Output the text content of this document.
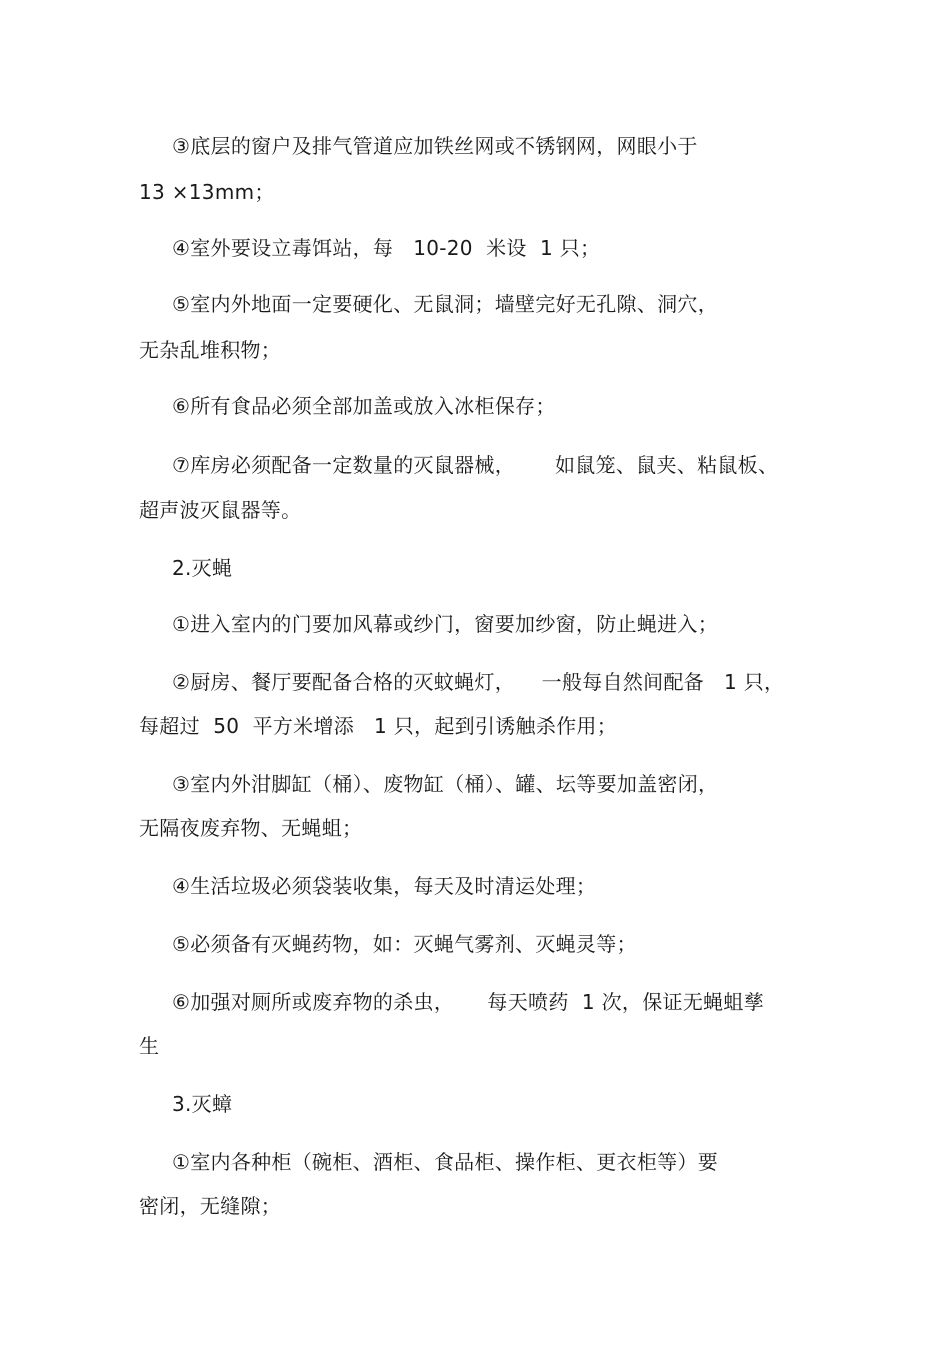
③底层的窗户及排气管道应加铁丝网或不锈钢网，网眼小于
13 ×13mm；
④室外要设立毒饵站，每   10-20  米设  1 只；
⑤室内外地面一定要硬化、无鼠洞；墙壁完好无孔隙、洞穴，
无杂乱堆积物；
⑥所有食品必须全部加盖或放入冰柜保存；
⑦库房必须配备一定数量的灭鼠器械，      如鼠笼、鼠夹、粘鼠板、
超声波灭鼠器等。
2.灭蝇
①进入室内的门要加风幕或纱门，窗要加纱窗，防止蝇进入；
②厨房、餐厅要配备合格的灭蚊蝇灯，    一般每自然间配备   1 只，
每超过  50  平方米增添   1 只，起到引诱触杀作用；
③室内外泔脚缸（桶）、废物缸（桶）、罐、坛等要加盖密闭，
无隔夜废弃物、无蝇蛆；
④生活垃圾必须袋装收集，每天及时清运处理；
⑤必须备有灭蝇药物，如：灭蝇气雾剂、灭蝇灵等；
⑥加强对厕所或废弃物的杀虫，     每天喷药  1 次，保证无蝇蛆孳
生
3.灭蟑
①室内各种柜（碗柜、酒柜、食品柜、操作柜、更衣柜等）要
密闭，无缝隙；
